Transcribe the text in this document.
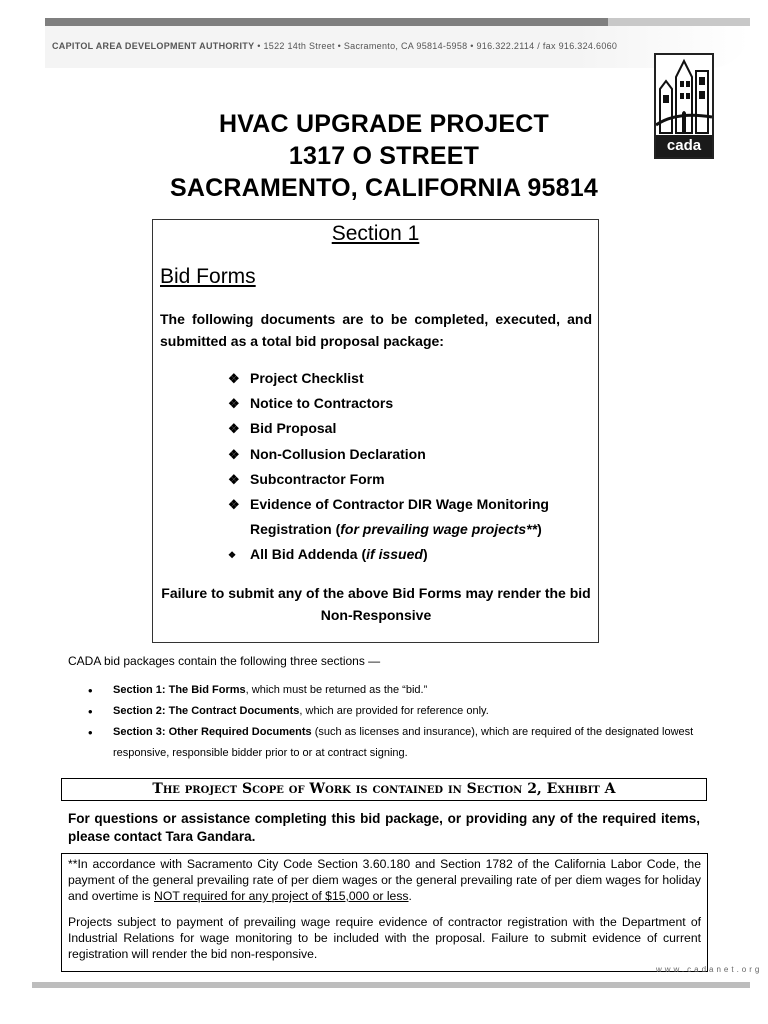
CAPITOL AREA DEVELOPMENT AUTHORITY • 1522 14th Street • Sacramento, CA 95814-5958 • 916.322.2114 / fax 916.324.6060
cada
HVAC UPGRADE PROJECT
1317 O STREET
SACRAMENTO, CALIFORNIA 95814
Section 1
Bid Forms
The following documents are to be completed, executed, and submitted as a total bid proposal package:
❖ Project Checklist
❖ Notice to Contractors
❖ Bid Proposal
❖ Non-Collusion Declaration
❖ Subcontractor Form
❖ Evidence of Contractor DIR Wage Monitoring Registration (for prevailing wage projects**)
❖ All Bid Addenda (if issued)
Failure to submit any of the above Bid Forms may render the bid Non-Responsive
CADA bid packages contain the following three sections —
• Section 1: The Bid Forms, which must be returned as the “bid.”
• Section 2: The Contract Documents, which are provided for reference only.
• Section 3: Other Required Documents (such as licenses and insurance), which are required of the designated lowest responsive, responsible bidder prior to or at contract signing.
The project Scope of Work is contained in Section 2, Exhibit A
For questions or assistance completing this bid package, or providing any of the required items, please contact Tara Gandara.

**In accordance with Sacramento City Code Section 3.60.180 and Section 1782 of the California Labor Code, the payment of the general prevailing rate of per diem wages or the general prevailing rate of per diem wages for holiday and overtime is NOT required for any project of $15,000 or less.

Projects subject to payment of prevailing wage require evidence of contractor registration with the Department of Industrial Relations for wage monitoring to be included with the proposal. Failure to submit evidence of current registration will render the bid non-responsive.

www.cadanet.org
